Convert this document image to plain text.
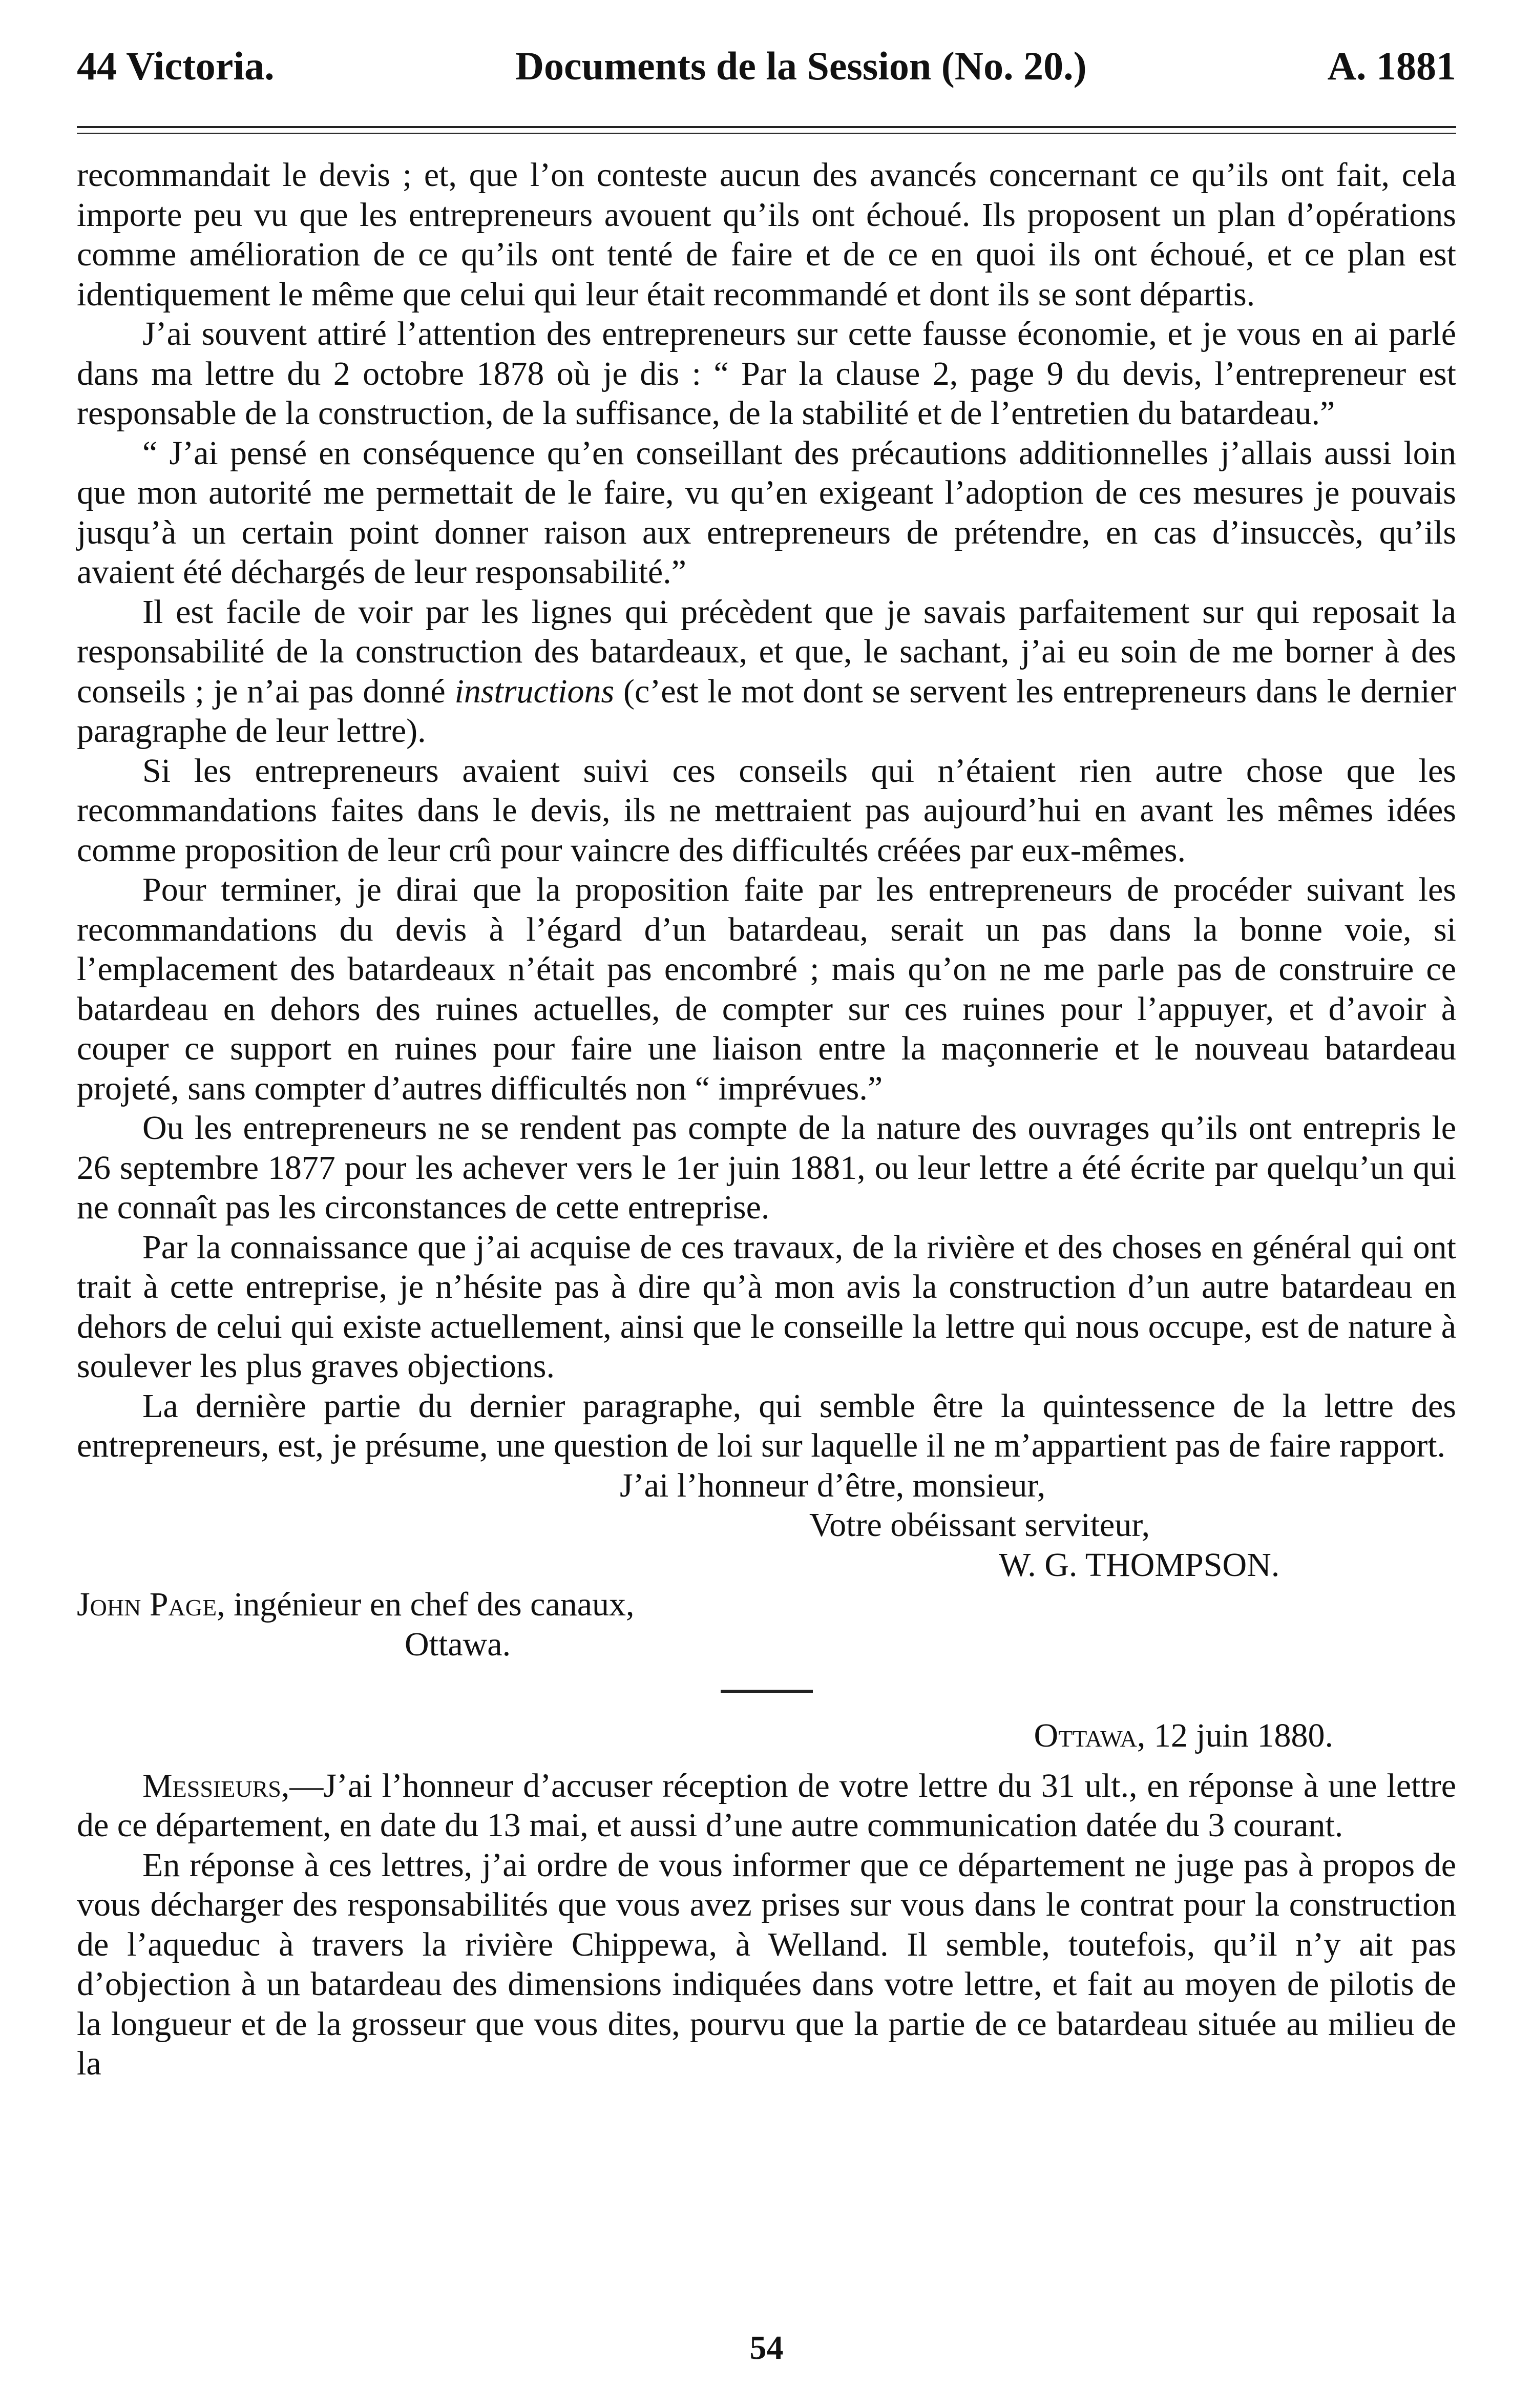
44 Victoria.	Documents de la Session (No. 20.)	A. 1881

recommandait le devis ; et, que l’on conteste aucun des avancés concernant ce qu’ils ont fait, cela importe peu vu que les entrepreneurs avouent qu’ils ont échoué. Ils proposent un plan d’opérations comme amélioration de ce qu’ils ont tenté de faire et de ce en quoi ils ont échoué, et ce plan est identiquement le même que celui qui leur était recommandé et dont ils se sont départis.

J’ai souvent attiré l’attention des entrepreneurs sur cette fausse économie, et je vous en ai parlé dans ma lettre du 2 octobre 1878 où je dis : “ Par la clause 2, page 9 du devis, l’entrepreneur est responsable de la construction, de la suffisance, de la stabilité et de l’entretien du batardeau.”

“ J’ai pensé en conséquence qu’en conseillant des précautions additionnelles j’allais aussi loin que mon autorité me permettait de le faire, vu qu’en exigeant l’adoption de ces mesures je pouvais jusqu’à un certain point donner raison aux entrepreneurs de prétendre, en cas d’insuccès, qu’ils avaient été déchargés de leur responsabilité.”

Il est facile de voir par les lignes qui précèdent que je savais parfaitement sur qui reposait la responsabilité de la construction des batardeaux, et que, le sachant, j’ai eu soin de me borner à des conseils ; je n’ai pas donné instructions (c’est le mot dont se servent les entrepreneurs dans le dernier paragraphe de leur lettre).

Si les entrepreneurs avaient suivi ces conseils qui n’étaient rien autre chose que les recommandations faites dans le devis, ils ne mettraient pas aujourd’hui en avant les mêmes idées comme proposition de leur crû pour vaincre des difficultés créées par eux-mêmes.

Pour terminer, je dirai que la proposition faite par les entrepreneurs de procéder suivant les recommandations du devis à l’égard d’un batardeau, serait un pas dans la bonne voie, si l’emplacement des batardeaux n’était pas encombré ; mais qu’on ne me parle pas de construire ce batardeau en dehors des ruines actuelles, de compter sur ces ruines pour l’appuyer, et d’avoir à couper ce support en ruines pour faire une liaison entre la maçonnerie et le nouveau batardeau projeté, sans compter d’autres difficultés non “ imprévues.”

Ou les entrepreneurs ne se rendent pas compte de la nature des ouvrages qu’ils ont entrepris le 26 septembre 1877 pour les achever vers le 1er juin 1881, ou leur lettre a été écrite par quelqu’un qui ne connaît pas les circonstances de cette entreprise.

Par la connaissance que j’ai acquise de ces travaux, de la rivière et des choses en général qui ont trait à cette entreprise, je n’hésite pas à dire qu’à mon avis la construction d’un autre batardeau en dehors de celui qui existe actuellement, ainsi que le conseille la lettre qui nous occupe, est de nature à soulever les plus graves objections.

La dernière partie du dernier paragraphe, qui semble être la quintessence de la lettre des entrepreneurs, est, je présume, une question de loi sur laquelle il ne m’appartient pas de faire rapport.

J’ai l’honneur d’être, monsieur,
Votre obéissant serviteur,
W. G. THOMPSON.
John Page, ingénieur en chef des canaux,
Ottawa.
Ottawa, 12 juin 1880.

Messieurs,—J’ai l’honneur d’accuser réception de votre lettre du 31 ult., en réponse à une lettre de ce département, en date du 13 mai, et aussi d’une autre communication datée du 3 courant.

En réponse à ces lettres, j’ai ordre de vous informer que ce département ne juge pas à propos de vous décharger des responsabilités que vous avez prises sur vous dans le contrat pour la construction de l’aqueduc à travers la rivière Chippewa, à Welland. Il semble, toutefois, qu’il n’y ait pas d’objection à un batardeau des dimensions indiquées dans votre lettre, et fait au moyen de pilotis de la longueur et de la grosseur que vous dites, pourvu que la partie de ce batardeau située au milieu de la

54
